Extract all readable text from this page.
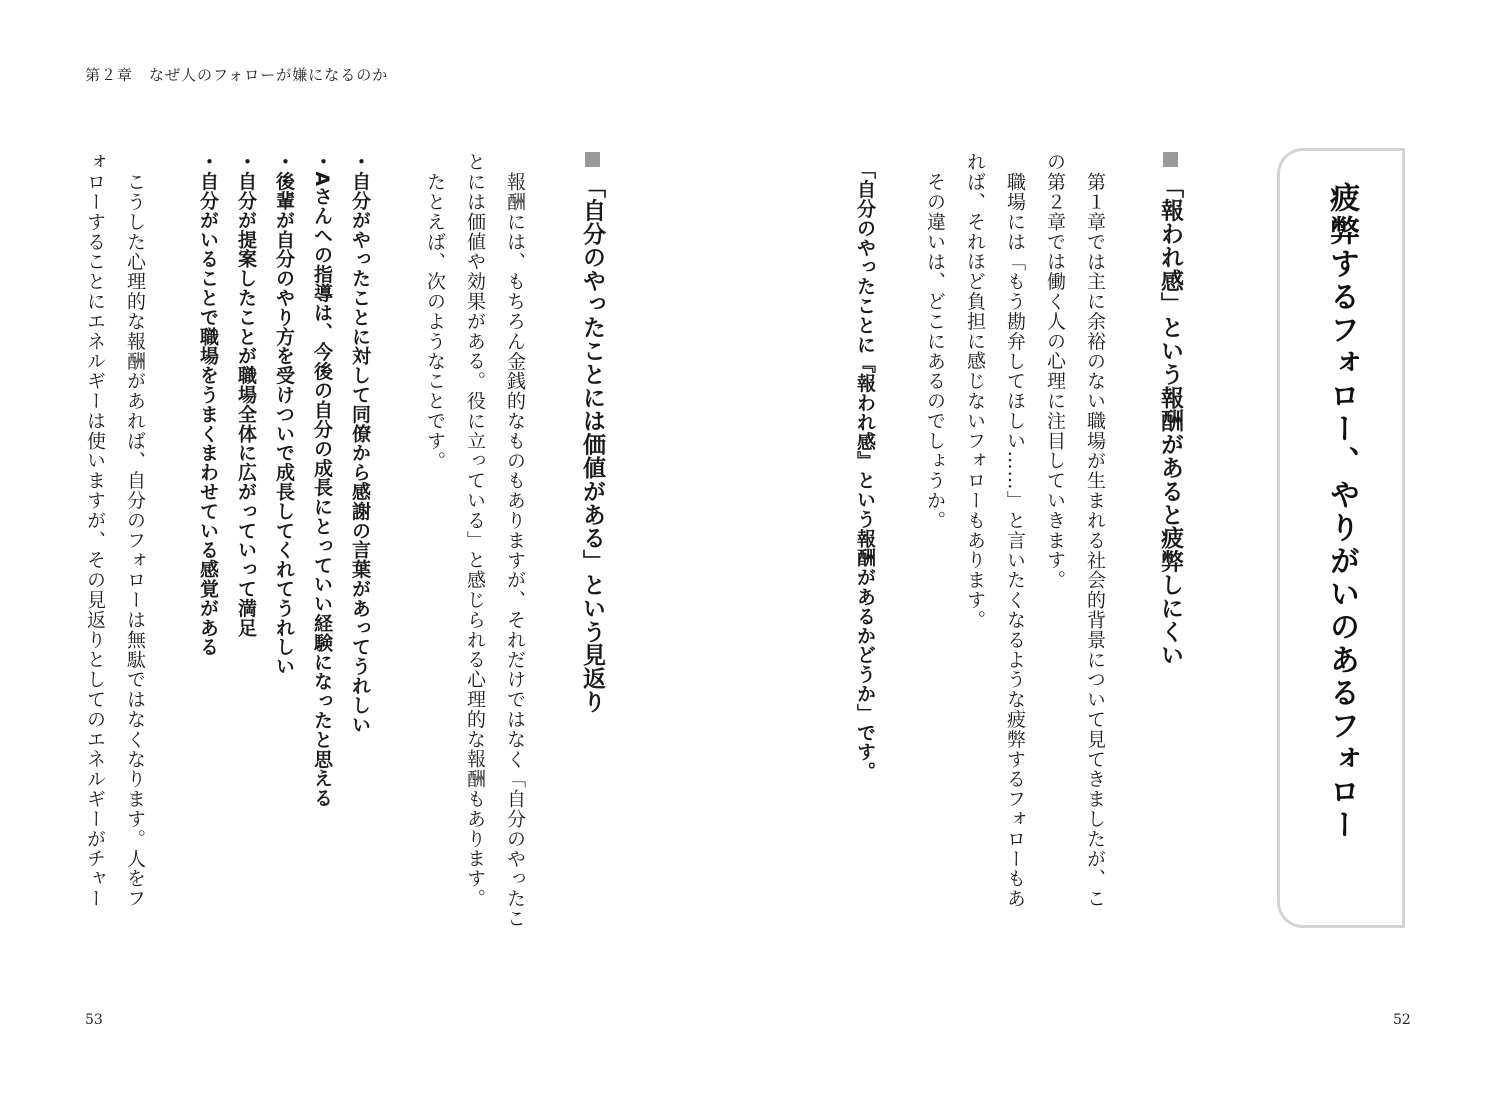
第２章　なぜ人のフォローが嫌になるのか
疲弊するフォロー、やりがいのあるフォロー
「報われ感」という報酬があると疲弊しにくい
第１章では主に余裕のない職場が生まれる社会的背景について見てきましたが、こ
の第２章では働く人の心理に注目していきます。
職場には「もう勘弁してほしい……」と言いたくなるような疲弊するフォローもあ
れば、それほど負担に感じないフォローもあります。
その違いは、どこにあるのでしょうか。
「自分のやったことに『報われ感』という報酬があるかどうか」です。
「自分のやったことには価値がある」という見返り
報酬には、もちろん金銭的なものもありますが、それだけではなく「自分のやったこ
とには価値や効果がある。役に立っている」と感じられる心理的な報酬もあります。
たとえば、次のようなことです。
・自分がやったことに対して同僚から感謝の言葉があってうれしい
・Aさんへの指導は、今後の自分の成長にとっていい経験になったと思える
・後輩が自分のやり方を受けついで成長してくれてうれしい
・自分が提案したことが職場全体に広がっていって満足
・自分がいることで職場をうまくまわせている感覚がある
こうした心理的な報酬があれば、自分のフォローは無駄ではなくなります。人をフ
ォローすることにエネルギーは使いますが、その見返りとしてのエネルギーがチャー
53	52
